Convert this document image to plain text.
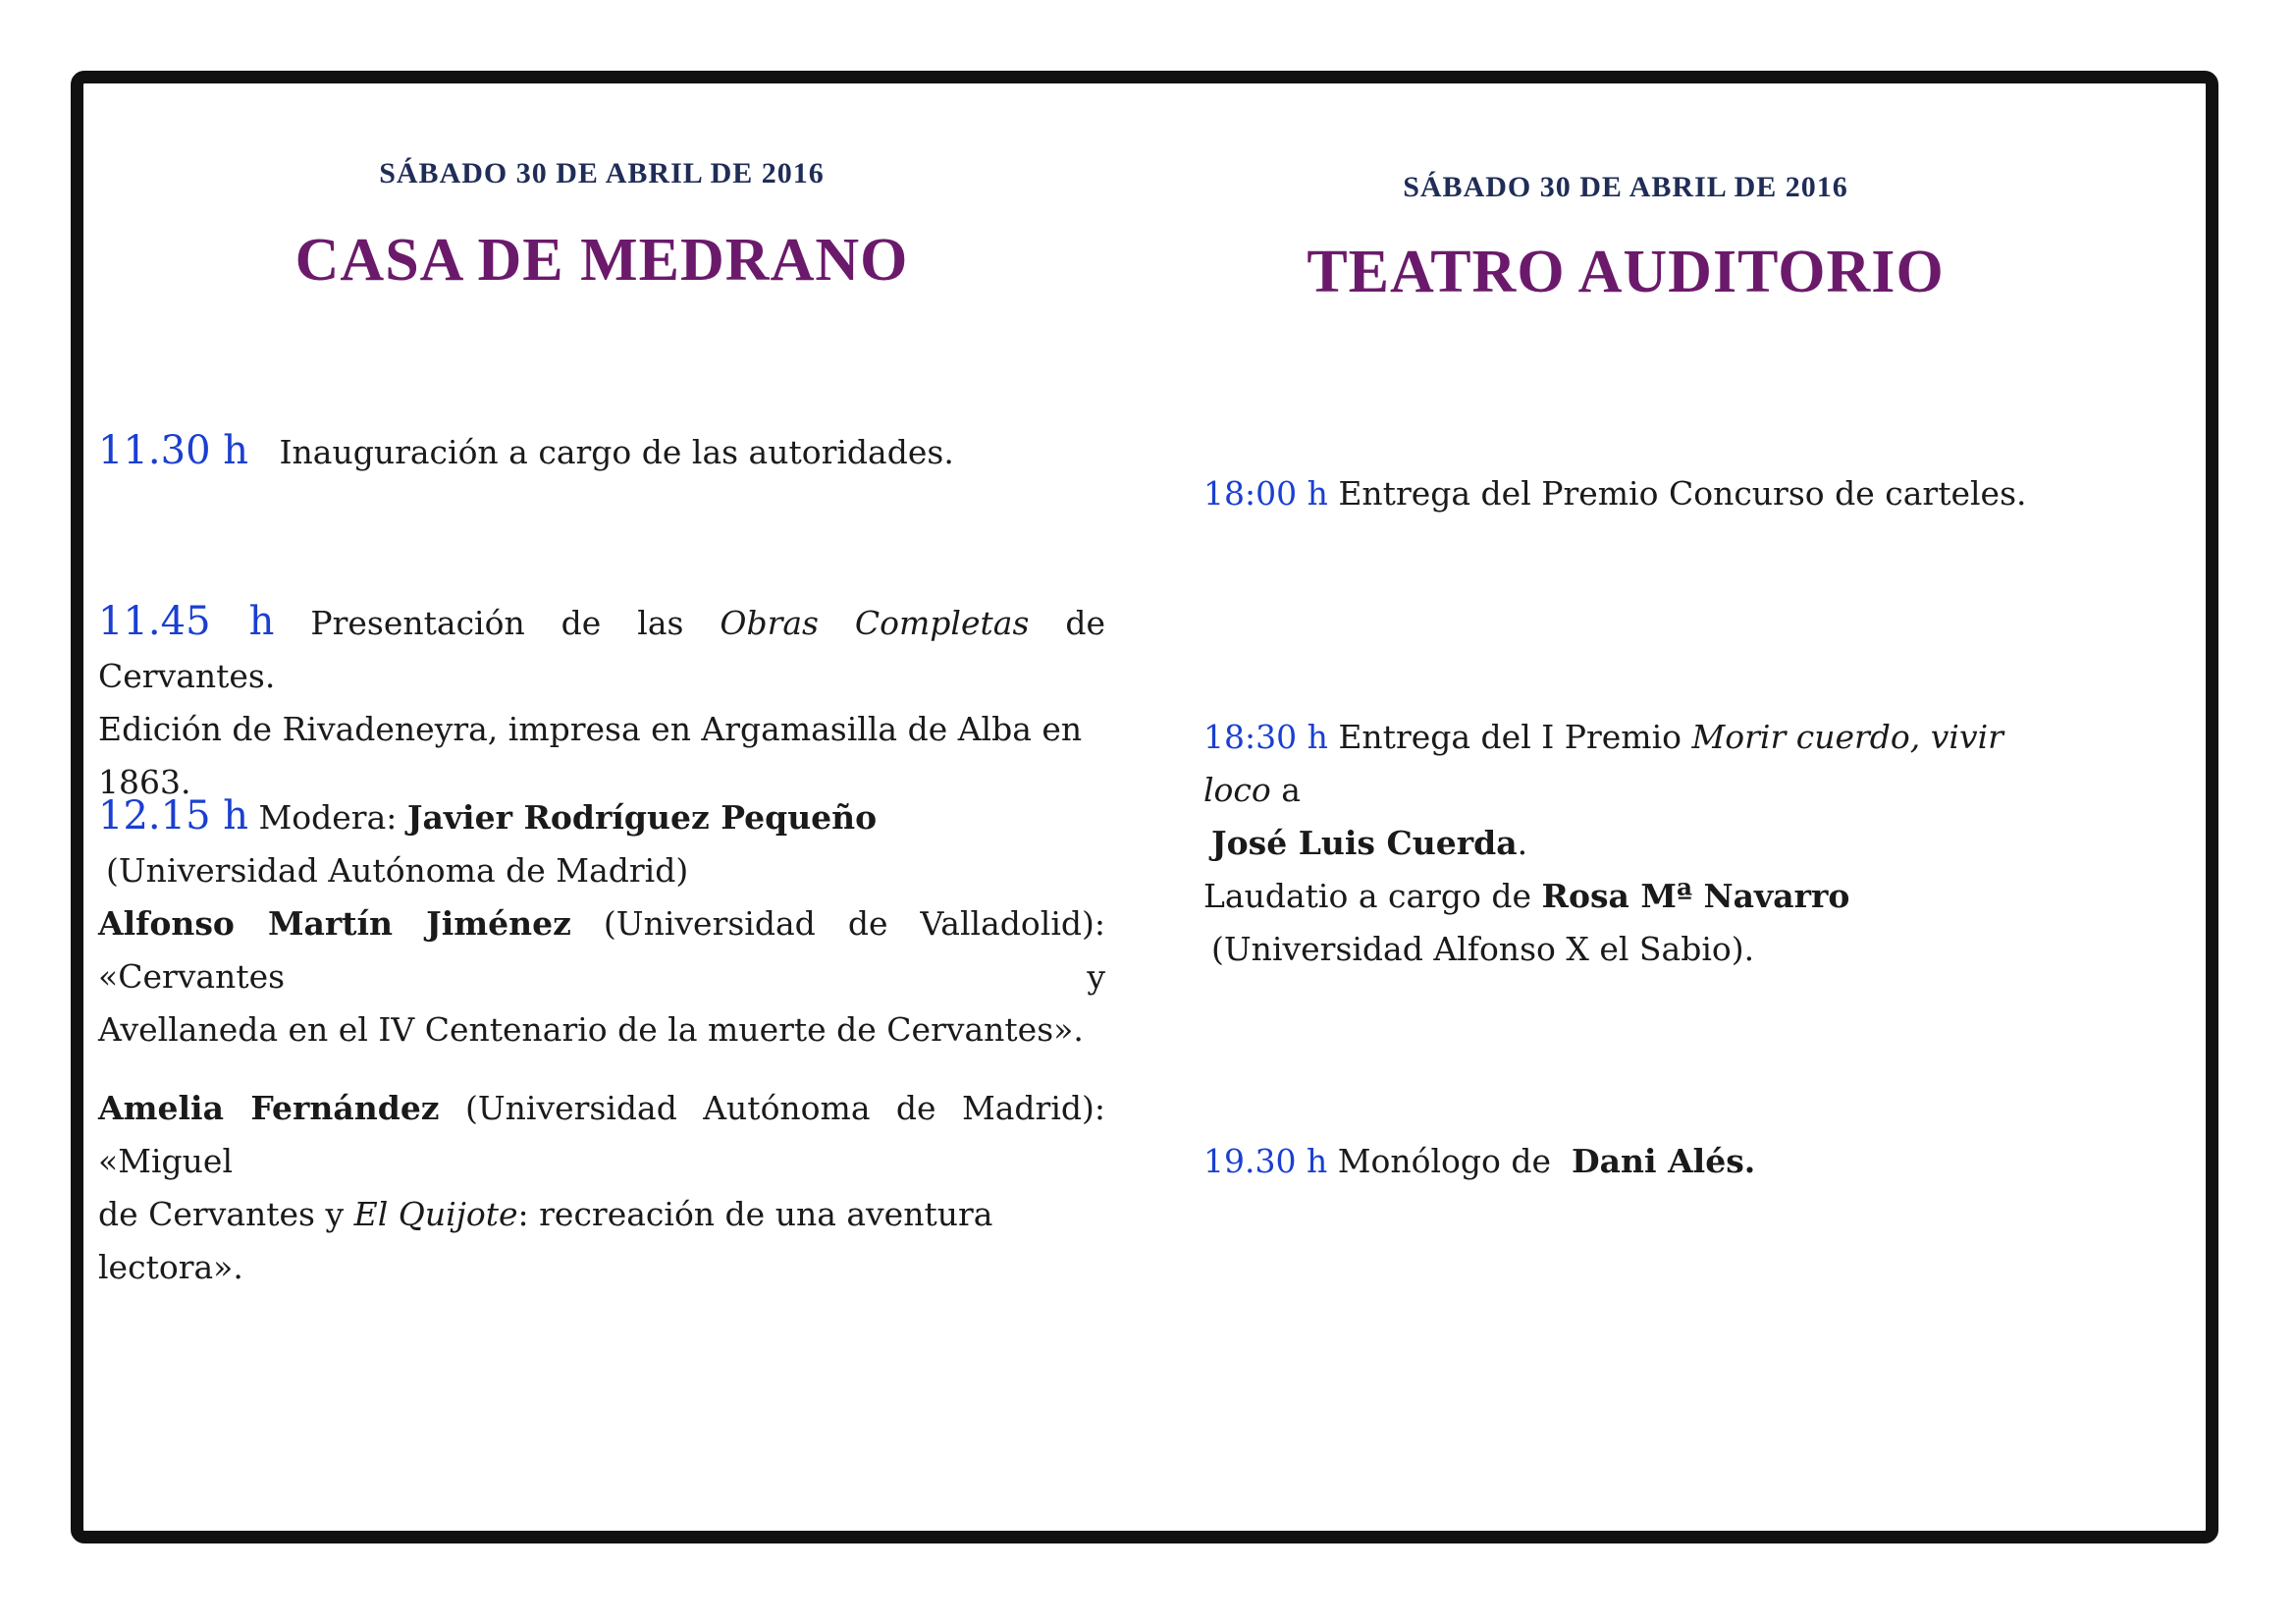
SÁBADO 30 DE ABRIL DE 2016
CASA DE MEDRANO
11.30 h Inauguración a cargo de las autoridades.
11.45 h Presentación de las Obras Completas de Cervantes.
Edición de Rivadeneyra, impresa en Argamasilla de Alba en 1863.
12.15 h Modera: Javier Rodríguez Pequeño
(Universidad Autónoma de Madrid)
Alfonso Martín Jiménez (Universidad de Valladolid): «Cervantes y
Avellaneda en el IV Centenario de la muerte de Cervantes».
Amelia Fernández (Universidad Autónoma de Madrid): «Miguel
de Cervantes y El Quijote: recreación de una aventura lectora».
SÁBADO 30 DE ABRIL DE 2016
TEATRO AUDITORIO
18:00 h Entrega del Premio Concurso de carteles.
18:30 h Entrega del I Premio Morir cuerdo, vivir loco a
José Luis Cuerda.
Laudatio a cargo de Rosa Mª Navarro
(Universidad Alfonso X el Sabio).
19.30 h Monólogo de Dani Alés.
